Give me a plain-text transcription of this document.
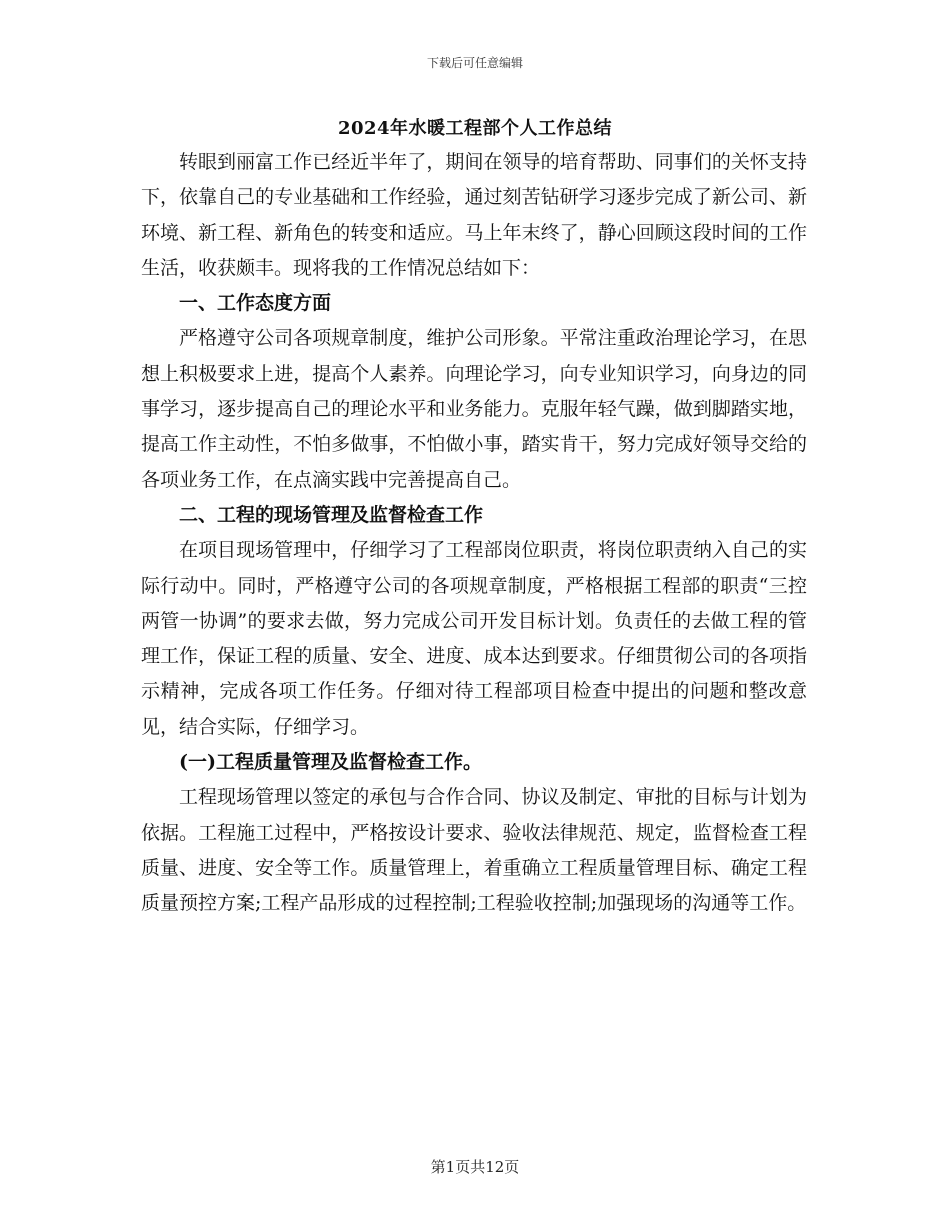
下载后可任意编辑
2024年水暖工程部个人工作总结

转眼到丽富工作已经近半年了，期间在领导的培育帮助、同事们的关怀支持下，依靠自己的专业基础和工作经验，通过刻苦钻研学习逐步完成了新公司、新环境、新工程、新角色的转变和适应。马上年末终了，静心回顾这段时间的工作生活，收获颇丰。现将我的工作情况总结如下：

一、工作态度方面

严格遵守公司各项规章制度，维护公司形象。平常注重政治理论学习，在思想上积极要求上进，提高个人素养。向理论学习，向专业知识学习，向身边的同事学习，逐步提高自己的理论水平和业务能力。克服年轻气躁，做到脚踏实地，提高工作主动性，不怕多做事，不怕做小事，踏实肯干，努力完成好领导交给的各项业务工作，在点滴实践中完善提高自己。

二、工程的现场管理及监督检查工作

在项目现场管理中，仔细学习了工程部岗位职责，将岗位职责纳入自己的实际行动中。同时，严格遵守公司的各项规章制度，严格根据工程部的职责“三控两管一协调”的要求去做，努力完成公司开发目标计划。负责任的去做工程的管理工作，保证工程的质量、安全、进度、成本达到要求。仔细贯彻公司的各项指示精神，完成各项工作任务。仔细对待工程部项目检查中提出的问题和整改意见，结合实际，仔细学习。

(一)工程质量管理及监督检查工作。

工程现场管理以签定的承包与合作合同、协议及制定、审批的目标与计划为依据。工程施工过程中，严格按设计要求、验收法律规范、规定，监督检查工程质量、进度、安全等工作。质量管理上，着重确立工程质量管理目标、确定工程质量预控方案;工程产品形成的过程控制;工程验收控制;加强现场的沟通等工作。

第1页共12页
